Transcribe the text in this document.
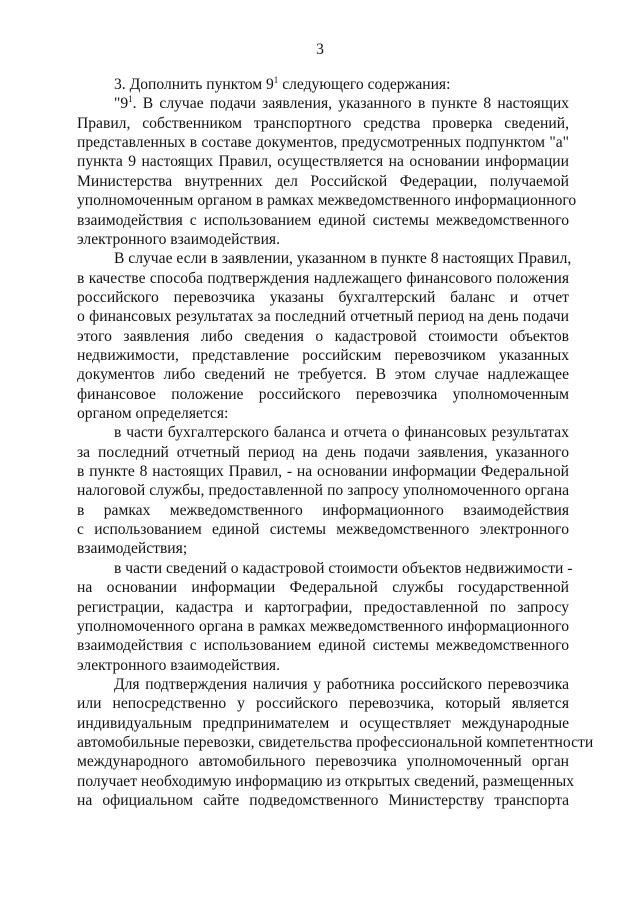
3
3. Дополнить пунктом $9^1$ следующего содержания:
"$9^1$. В случае подачи заявления, указанного в пункте 8 настоящих
Правил, собственником транспортного средства проверка сведений,
представленных в составе документов, предусмотренных подпунктом "а"
пункта 9 настоящих Правил, осуществляется на основании информации
Министерства внутренних дел Российской Федерации, получаемой
уполномоченным органом в рамках межведомственного информационного
взаимодействия с использованием единой системы межведомственного
электронного взаимодействия.
В случае если в заявлении, указанном в пункте 8 настоящих Правил,
в качестве способа подтверждения надлежащего финансового положения
российского перевозчика указаны бухгалтерский баланс и отчет
о финансовых результатах за последний отчетный период на день подачи
этого заявления либо сведения о кадастровой стоимости объектов
недвижимости, представление российским перевозчиком указанных
документов либо сведений не требуется. В этом случае надлежащее
финансовое положение российского перевозчика уполномоченным
органом определяется:
в части бухгалтерского баланса и отчета о финансовых результатах
за последний отчетный период на день подачи заявления, указанного
в пункте 8 настоящих Правил, - на основании информации Федеральной
налоговой службы, предоставленной по запросу уполномоченного органа
в рамках межведомственного информационного взаимодействия
с использованием единой системы межведомственного электронного
взаимодействия;
в части сведений о кадастровой стоимости объектов недвижимости -
на основании информации Федеральной службы государственной
регистрации, кадастра и картографии, предоставленной по запросу
уполномоченного органа в рамках межведомственного информационного
взаимодействия с использованием единой системы межведомственного
электронного взаимодействия.
Для подтверждения наличия у работника российского перевозчика
или непосредственно у российского перевозчика, который является
индивидуальным предпринимателем и осуществляет международные
автомобильные перевозки, свидетельства профессиональной компетентности
международного автомобильного перевозчика уполномоченный орган
получает необходимую информацию из открытых сведений, размещенных
на официальном сайте подведомственного Министерству транспорта
